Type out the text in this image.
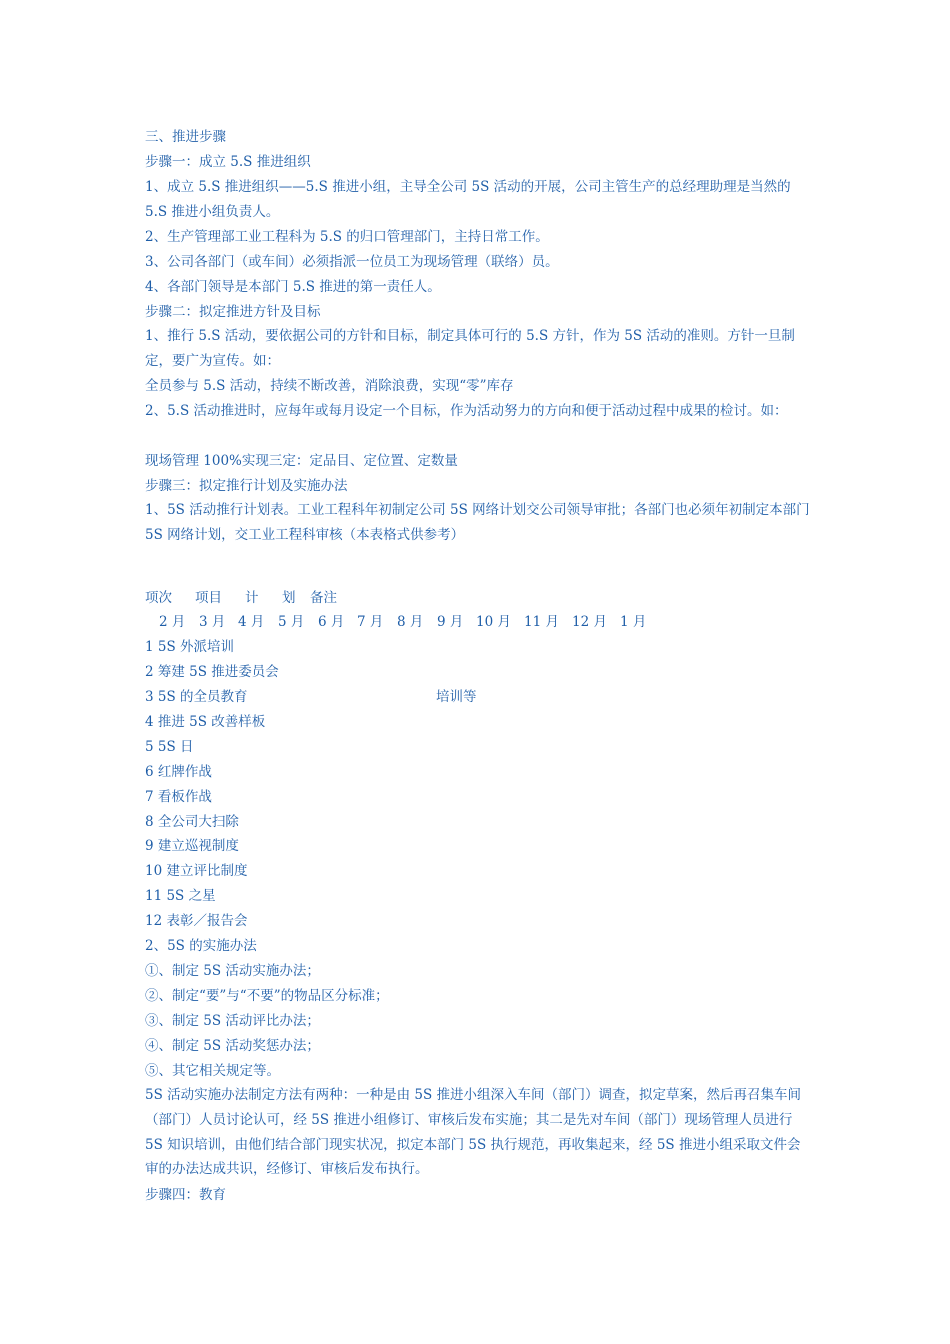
三、推进步骤
步骤一：成立 5.S 推进组织
1、成立 5.S 推进组织——5.S 推进小组，主导全公司 5S 活动的开展，公司主管生产的总经理助理是当然的 5.S 推进小组负责人。
2、生产管理部工业工程科为 5.S 的归口管理部门，主持日常工作。
3、公司各部门（或车间）必须指派一位员工为现场管理（联络）员。
4、各部门领导是本部门 5.S 推进的第一责任人。
步骤二：拟定推进方针及目标
1、推行 5.S 活动，要依据公司的方针和目标，制定具体可行的 5.S 方针，作为 5S 活动的准则。方针一旦制定，要广为宣传。如：
全员参与 5.S 活动，持续不断改善，消除浪费，实现“零”库存
2、5.S 活动推进时，应每年或每月设定一个目标，作为活动努力的方向和便于活动过程中成果的检讨。如：
现场管理 100%实现三定：定品目、定位置、定数量
步骤三：拟定推行计划及实施办法
1、5S 活动推行计划表。工业工程科年初制定公司 5S 网络计划交公司领导审批；各部门也必须年初制定本部门 5S 网络计划，交工业工程科审核（本表格式供参考）
项次 项目 计 划 备注
2 月 3 月 4 月 5 月 6 月 7 月 8 月 9 月 10 月 11 月 12 月 1 月
1 5S 外派培训
2 筹建 5S 推进委员会
3 5S 的全员教育	培训等
4 推进 5S 改善样板
5 5S 日
6 红牌作战
7 看板作战
8 全公司大扫除
9 建立巡视制度
10 建立评比制度
11 5S 之星
12 表彰／报告会
2、5S 的实施办法
①、制定 5S 活动实施办法；
②、制定“要”与“不要”的物品区分标准；
③、制定 5S 活动评比办法；
④、制定 5S 活动奖惩办法；
⑤、其它相关规定等。
5S 活动实施办法制定方法有两种：一种是由 5S 推进小组深入车间（部门）调查，拟定草案，然后再召集车间（部门）人员讨论认可，经 5S 推进小组修订、审核后发布实施；其二是先对车间（部门）现场管理人员进行 5S 知识培训，由他们结合部门现实状况，拟定本部门 5S 执行规范，再收集起来，经 5S 推进小组采取文件会审的办法达成共识，经修订、审核后发布执行。
步骤四：教育
